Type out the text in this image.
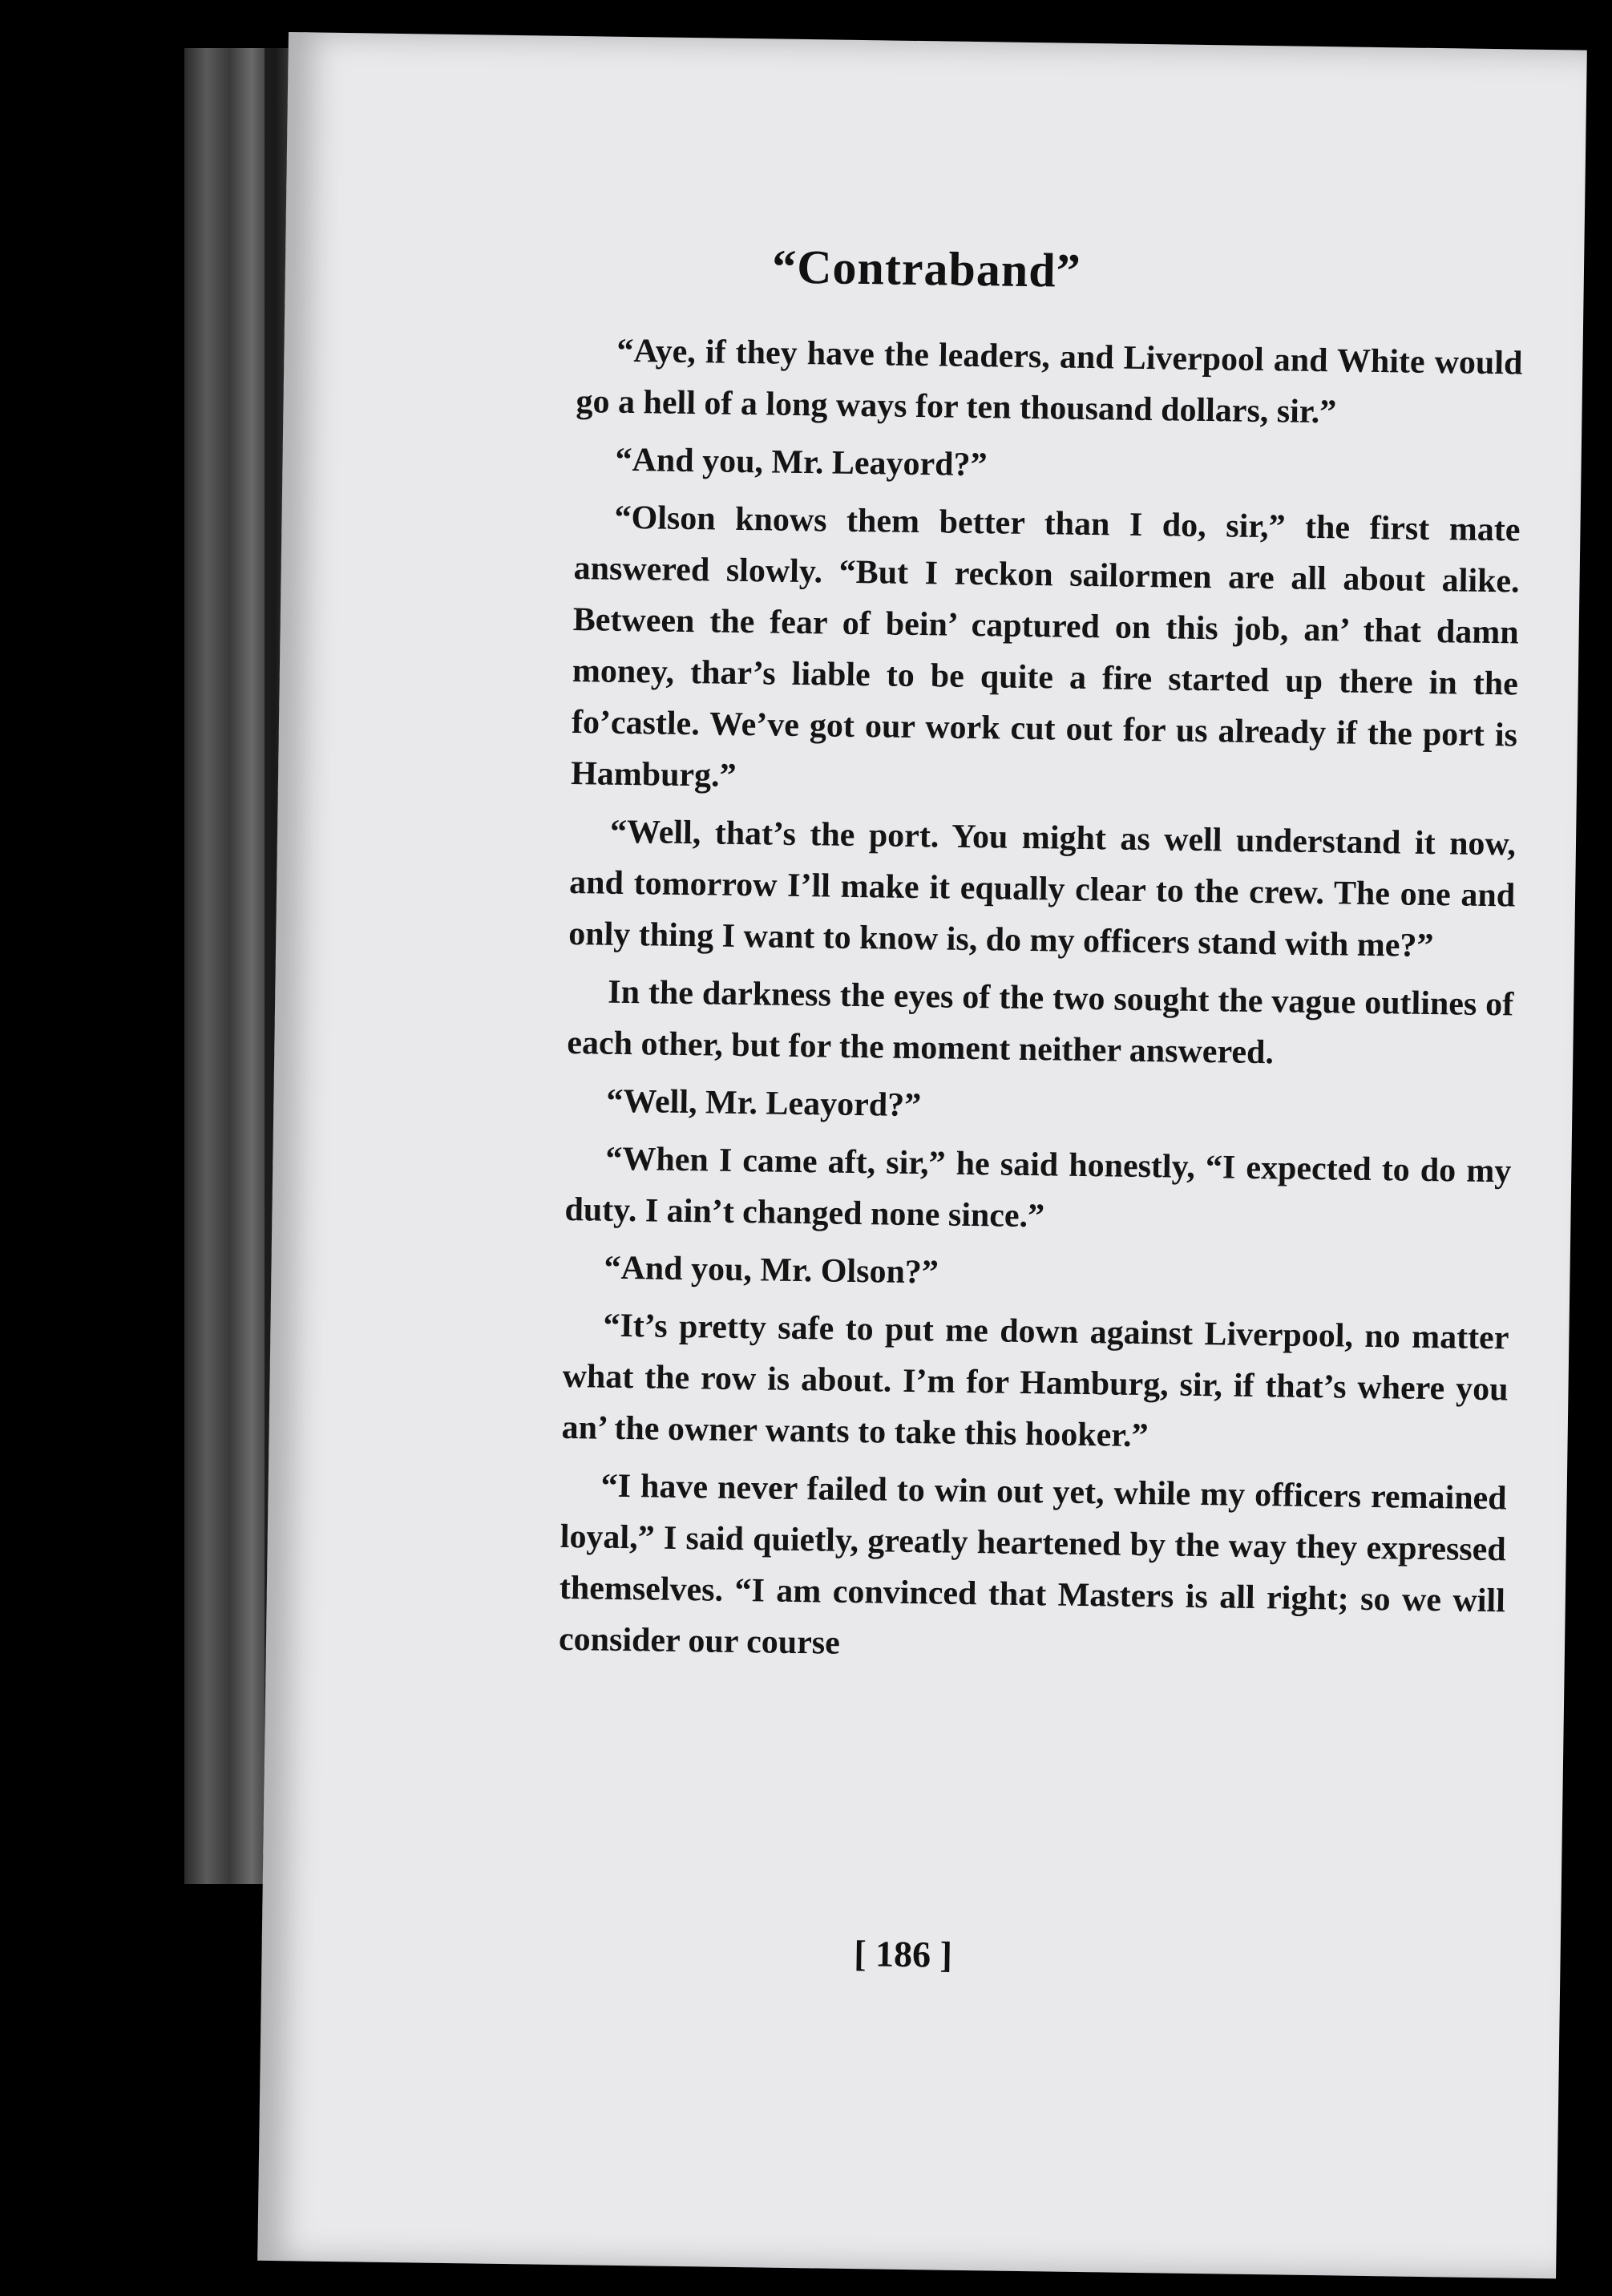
“Contraband”

“Aye, if they have the leaders, and Liverpool and White would go a hell of a long ways for ten thousand dollars, sir.”

“And you, Mr. Leayord?”

“Olson knows them better than I do, sir,” the first mate answered slowly. “But I reckon sailormen are all about alike. Between the fear of bein’ captured on this job, an’ that damn money, thar’s liable to be quite a fire started up there in the fo’castle. We’ve got our work cut out for us already if the port is Hamburg.”

“Well, that’s the port. You might as well understand it now, and tomorrow I’ll make it equally clear to the crew. The one and only thing I want to know is, do my officers stand with me?”

In the darkness the eyes of the two sought the vague outlines of each other, but for the moment neither answered.

“Well, Mr. Leayord?”

“When I came aft, sir,” he said honestly, “I expected to do my duty. I ain’t changed none since.”

“And you, Mr. Olson?”

“It’s pretty safe to put me down against Liverpool, no matter what the row is about. I’m for Hamburg, sir, if that’s where you an’ the owner wants to take this hooker.”

“I have never failed to win out yet, while my officers remained loyal,” I said quietly, greatly heartened by the way they expressed themselves. “I am convinced that Masters is all right; so we will consider our course

[ 186 ]
